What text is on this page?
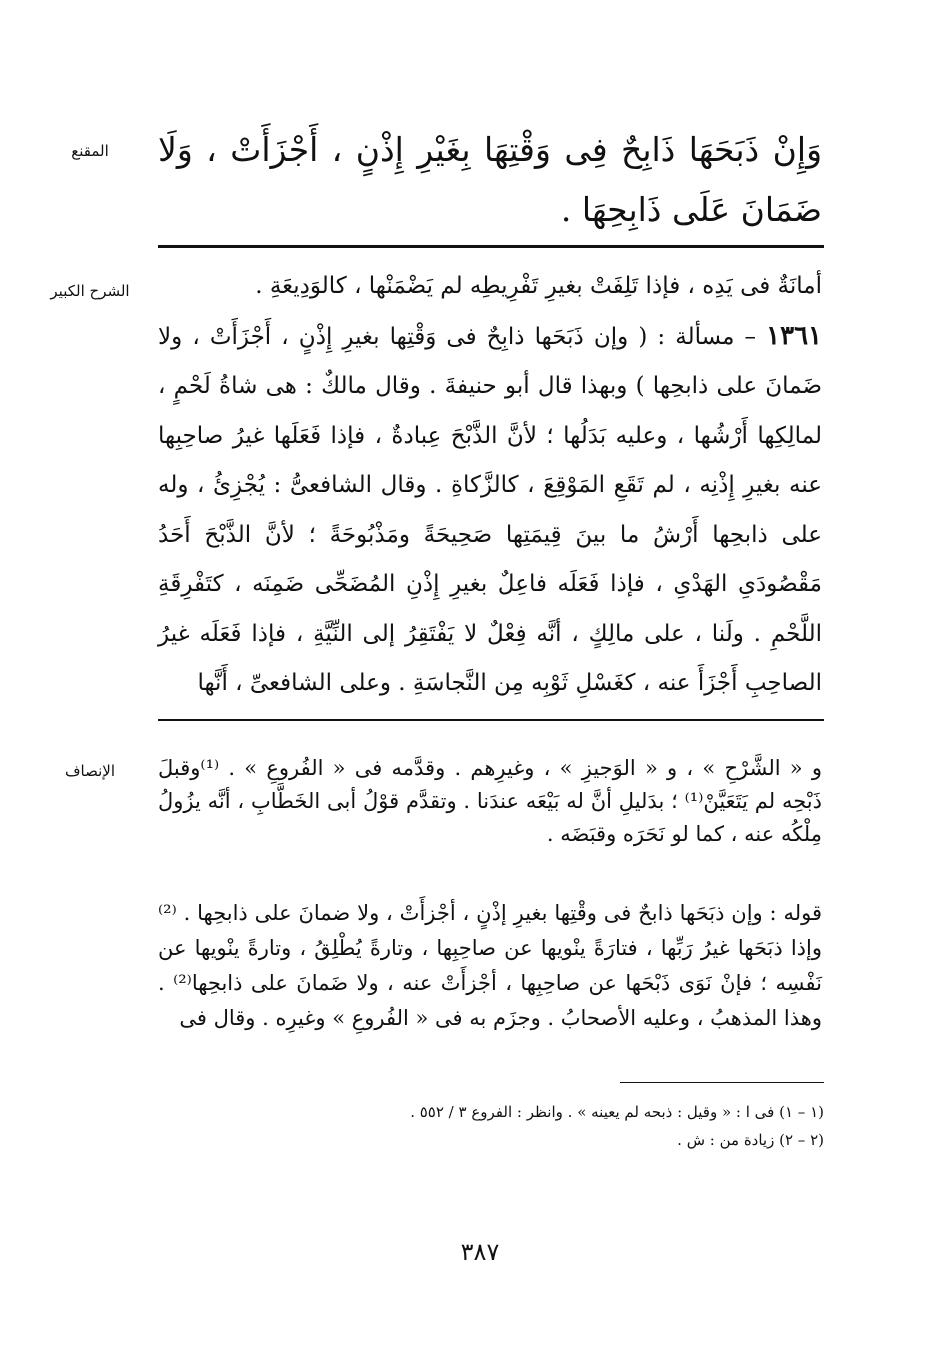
المقنع	وَإِنْ ذَبَحَهَا ذَابِحٌ فِى وَقْتِهَا بِغَيْرِ إِذْنٍ ، أَجْزَأَتْ ، وَلَا ضَمَانَ عَلَى ذَابِحِهَا .

الشرح الكبير	أمانَةٌ فى يَدِه ، فإذا تَلِفَتْ بغيرِ تَفْرِيطِه لم يَضْمَنْها ، كالوَدِيعَةِ .

١٣٦١ – مسألة : ( وإن ذَبَحَها ذابِحٌ فى وَقْتِها بغيرِ إِذْنٍ ، أَجْزَأَتْ ، ولا ضَمانَ على ذابحِها ) وبهذا قال أبو حنيفةَ . وقال مالكٌ : هى شاةُ لَحْمٍ ، لمالِكِها أَرْشُها ، وعليه بَدَلُها ؛ لأنَّ الذَّبْحَ عِبادةٌ ، فإذا فَعَلَها غيرُ صاحِبِها عنه بغيرِ إِذْنِه ، لم تَقَعِ المَوْقِعَ ، كالزَّكاةِ . وقال الشافعىُّ : يُجْزِئُ ، وله على ذابحِها أَرْشُ ما بينَ قِيمَتِها صَحِيحَةً ومَذْبُوحَةً ؛ لأنَّ الذَّبْحَ أَحَدُ مَقْصُودَىِ الهَدْىِ ، فإذا فَعَلَه فاعِلٌ بغيرِ إِذْنِ المُضَحِّى ضَمِنَه ، كتَفْرِقَةِ اللَّحْمِ . ولَنا ، على مالِكٍ ، أنَّه فِعْلٌ لا يَفْتَقِرُ إلى النِّيَّةِ ، فإذا فَعَلَه غيرُ الصاحِبِ أَجْزَأَ عنه ، كغَسْلِ ثَوْبِه مِن النَّجاسَةِ . وعلى الشافعىِّ ، أَنَّها

الإنصاف	و « الشَّرْحِ » ، و « الوَجيزِ » ، وغيرِهم . وقدَّمه فى « الفُروعِ » . ⁽¹⁾وقبلَ ذَبْحِه لم يَتَعَيَّنْ⁽¹⁾ ؛ بدَليلِ أنَّ له بَيْعَه عندَنا . وتقدَّم قوْلُ أبى الخَطَّابِ ، أنَّه يزُولُ مِلْكُه عنه ، كما لو نَحَرَه وقبَضَه .

قوله : وإن ذبَحَها ذابحٌ فى وقْتِها بغيرِ إذْنٍ ، أجْزأَتْ ، ولا ضمانَ على ذابحِها . ⁽²⁾وإذا ذبَحَها غيرُ رَبِّها ، فتارَةً ينْويها عن صاحِبِها ، وتارةً يُطْلِقُ ، وتارةً ينْويها عن نَفْسِه ؛ فإنْ نَوَى ذَبْحَها عن صاحِبِها ، أجْزأَتْ عنه ، ولا ضَمانَ على ذابحِها⁽²⁾ . وهذا المذهبُ ، وعليه الأصحابُ . وجزَم به فى « الفُروعِ » وغيرِه . وقال فى

(١ – ١) فى ا : « وقيل : ذبحه لم يعينه » . وانظر : الفروع ٣ / ٥٥٢ .

(٢ – ٢) زيادة من : ش .

٣٨٧
